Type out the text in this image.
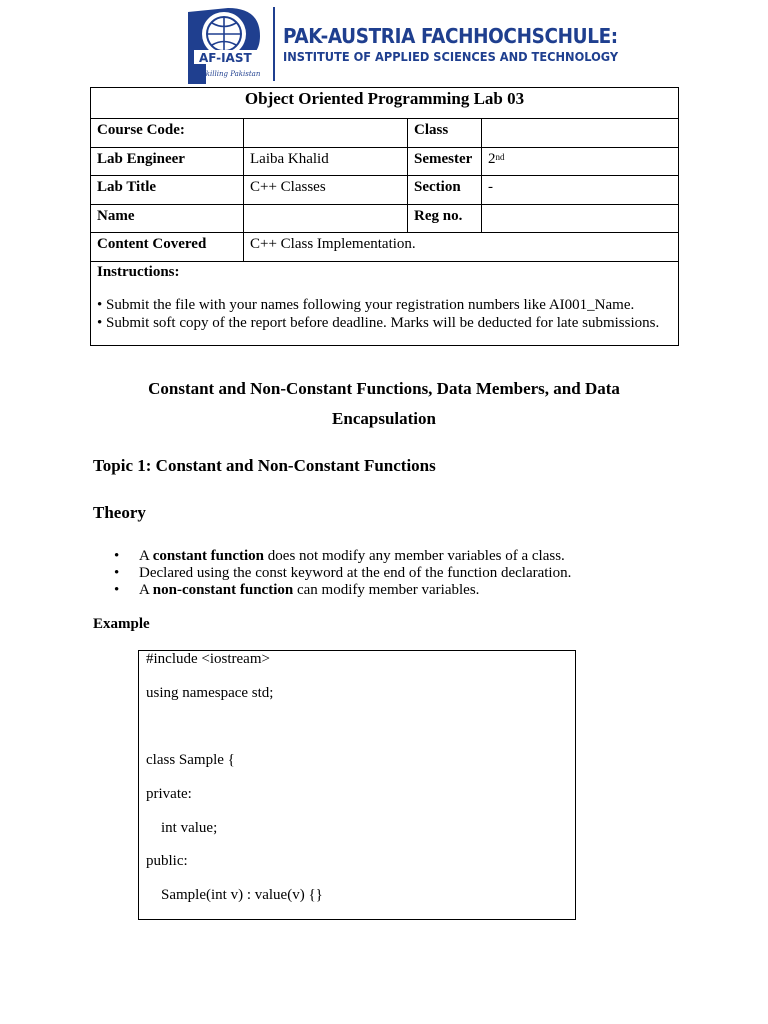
AF-IAST
Skilling Pakistan
PAK-AUSTRIA FACHHOCHSCHULE:
INSTITUTE OF APPLIED SCIENCES AND TECHNOLOGY
Object Oriented Programming Lab 03			
Course Code:		Class	
Lab Engineer	Laiba Khalid	Semester	2nd
Lab Title	C++ Classes	Section	-
Name		Reg no.	
Content Covered	C++ Class Implementation.		

Instructions:
• Submit the file with your names following your registration numbers like AI001_Name.
• Submit soft copy of the report before deadline. Marks will be deducted for late submissions.			
Constant and Non-Constant Functions, Data Members, and Data
Encapsulation
Topic 1: Constant and Non-Constant Functions
Theory
•	A constant function does not modify any member variables of a class.
•	Declared using the const keyword at the end of the function declaration.
•	A non-constant function can modify member variables.
Example
#include <iostream>
using namespace std;
class Sample {
private:
int value;
public:
Sample(int v) : value(v) {}
